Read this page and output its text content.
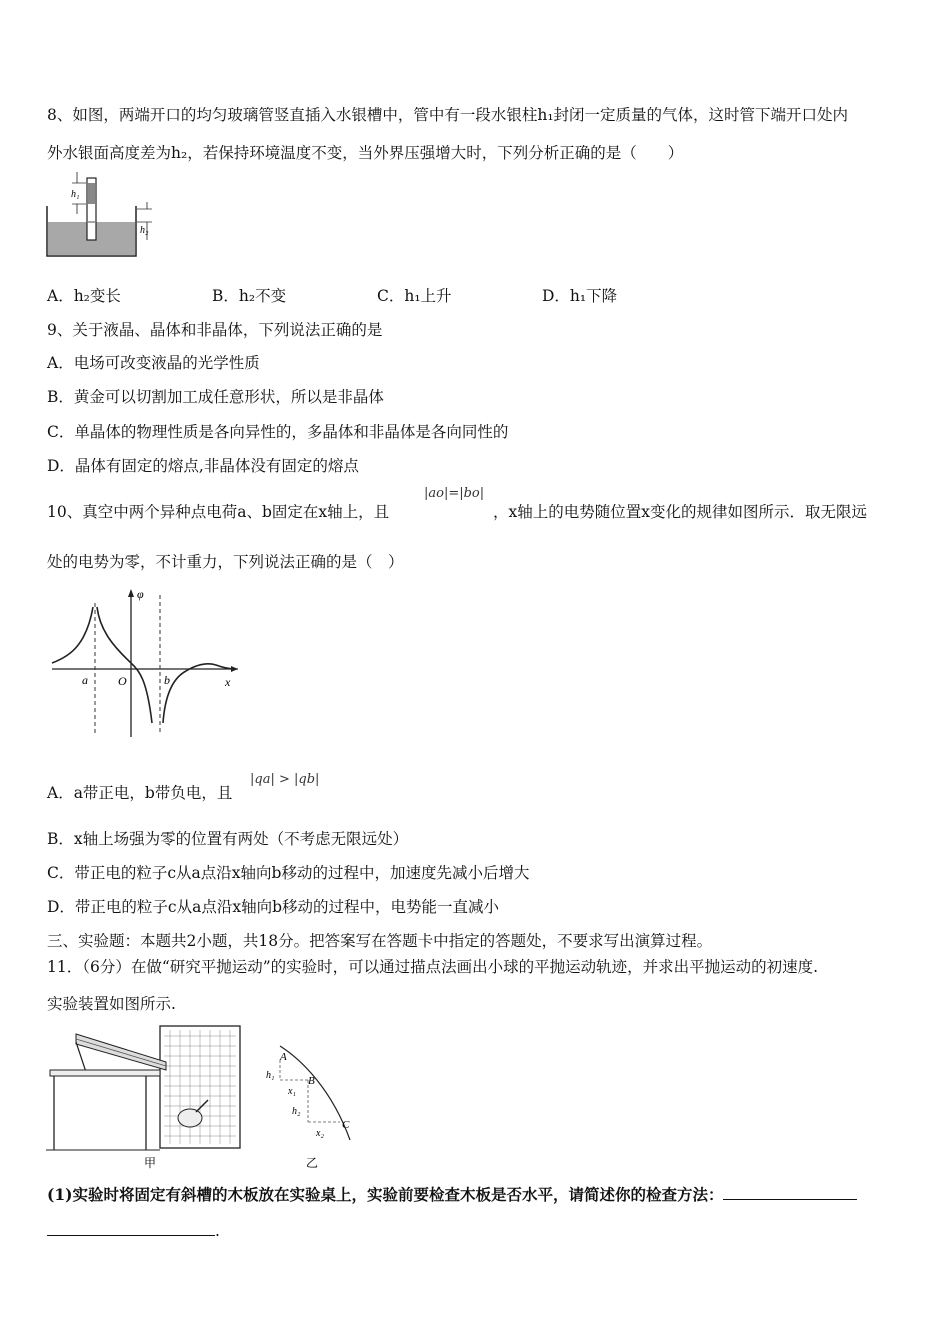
8、如图，两端开口的均匀玻璃管竖直插入水银槽中，管中有一段水银柱h₁封闭一定质量的气体，这时管下端开口处内
外水银面高度差为h₂，若保持环境温度不变，当外界压强增大时，下列分析正确的是（　　）
h₁
h₂
A．h₂变长	B．h₂不变	C．h₁上升	D．h₁下降
9、关于液晶、晶体和非晶体，下列说法正确的是
A．电场可改变液晶的光学性质
B．黄金可以切割加工成任意形状，所以是非晶体
C．单晶体的物理性质是各向异性的，多晶体和非晶体是各向同性的
D．晶体有固定的熔点,非晶体没有固定的熔点
10、真空中两个异种点电荷a、b固定在x轴上，且
|ao|=|bo|
，x轴上的电势随位置x变化的规律如图所示．取无限远
处的电势为零，不计重力，下列说法正确的是（　）
φ
a	O	b	x
A．a带正电，b带负电，且
|qa| > |qb|
B．x轴上场强为零的位置有两处（不考虑无限远处）
C．带正电的粒子c从a点沿x轴向b移动的过程中，加速度先减小后增大
D．带正电的粒子c从a点沿x轴向b移动的过程中，电势能一直减小
三、实验题：本题共2小题，共18分。把答案写在答题卡中指定的答题处，不要求写出演算过程。
11．（6分）在做“研究平抛运动”的实验时，可以通过描点法画出小球的平抛运动轨迹，并求出平抛运动的初速度.
实验装置如图所示.
甲
A
B
C
h₁
x₁
h₂
x₂
乙
(1)实验时将固定有斜槽的木板放在实验桌上，实验前要检查木板是否水平，请简述你的检查方法：
.
